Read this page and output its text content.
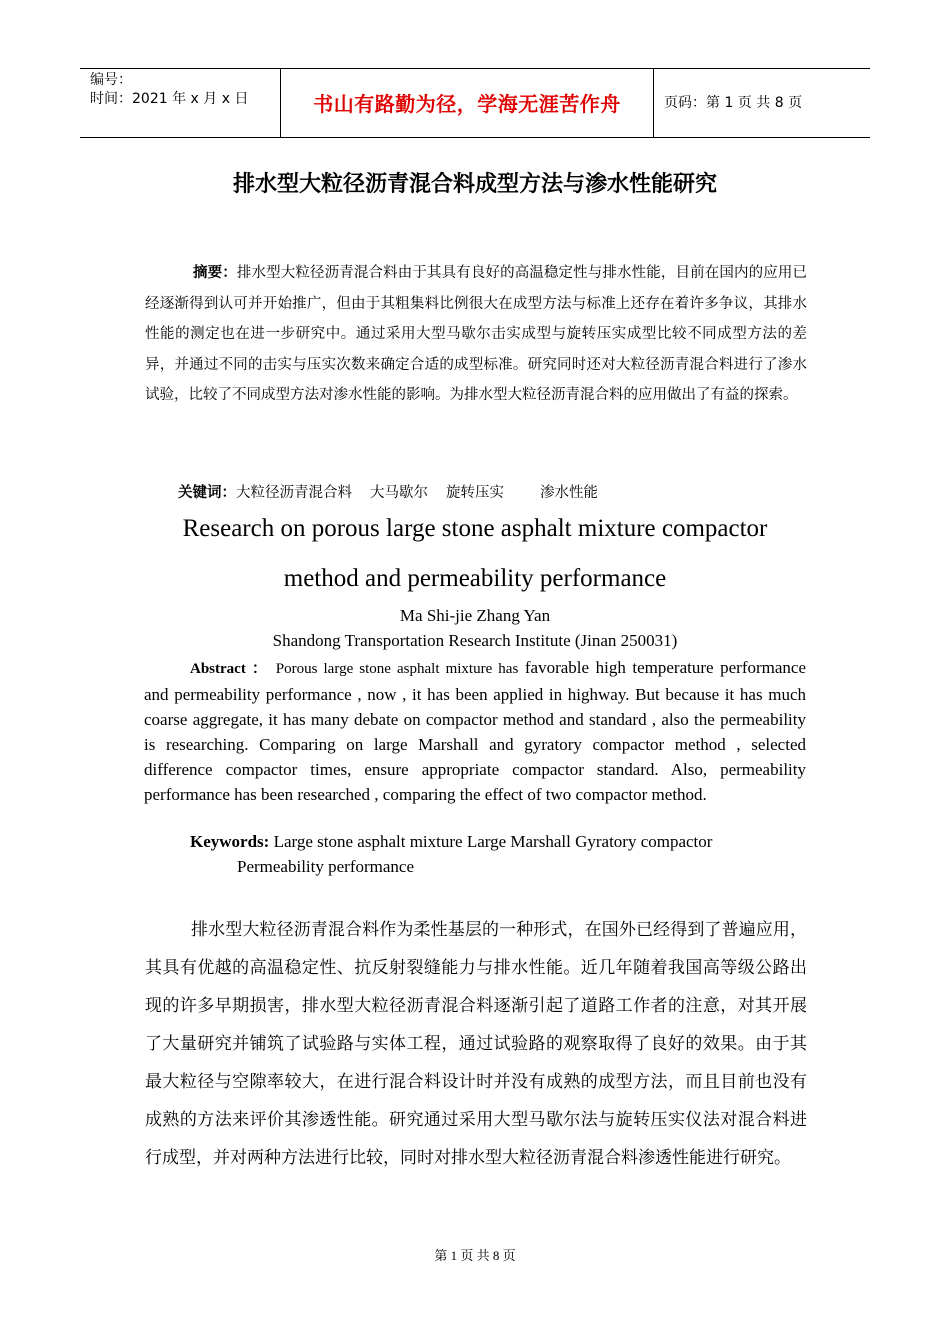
编号：
时间：2021 年 x 月 x 日	书山有路勤为径，学海无涯苦作舟	页码：第 1 页 共 8 页
排水型大粒径沥青混合料成型方法与渗水性能研究

摘要：排水型大粒径沥青混合料由于其具有良好的高温稳定性与排水性能，目前在国内的应用已经逐渐得到认可并开始推广，但由于其粗集料比例很大在成型方法与标准上还存在着许多争议，其排水性能的测定也在进一步研究中。通过采用大型马歇尔击实成型与旋转压实成型比较不同成型方法的差异，并通过不同的击实与压实次数来确定合适的成型标准。研究同时还对大粒径沥青混合料进行了渗水试验，比较了不同成型方法对渗水性能的影响。为排水型大粒径沥青混合料的应用做出了有益的探索。

关键词：大粒径沥青混合料 大马歇尔 旋转压实 渗水性能
Research on porous large stone asphalt mixture compactor
method and permeability performance
Ma Shi-jie Zhang Yan
Shandong Transportation Research Institute (Jinan 250031)

Abstract ： Porous large stone asphalt mixture has favorable high temperature performance and permeability performance , now , it has been applied in highway. But because it has much coarse aggregate, it has many debate on compactor method and standard , also the permeability is researching. Comparing on large Marshall and gyratory compactor method , selected difference compactor times, ensure appropriate compactor standard. Also, permeability performance has been researched , comparing the effect of two compactor method.

Keywords: Large stone asphalt mixture Large Marshall Gyratory compactor
Permeability performance

排水型大粒径沥青混合料作为柔性基层的一种形式，在国外已经得到了普遍应用，其具有优越的高温稳定性、抗反射裂缝能力与排水性能。近几年随着我国高等级公路出现的许多早期损害，排水型大粒径沥青混合料逐渐引起了道路工作者的注意，对其开展了大量研究并铺筑了试验路与实体工程，通过试验路的观察取得了良好的效果。由于其最大粒径与空隙率较大，在进行混合料设计时并没有成熟的成型方法，而且目前也没有成熟的方法来评价其渗透性能。研究通过采用大型马歇尔法与旋转压实仪法对混合料进行成型，并对两种方法进行比较，同时对排水型大粒径沥青混合料渗透性能进行研究。

第 1 页 共 8 页
